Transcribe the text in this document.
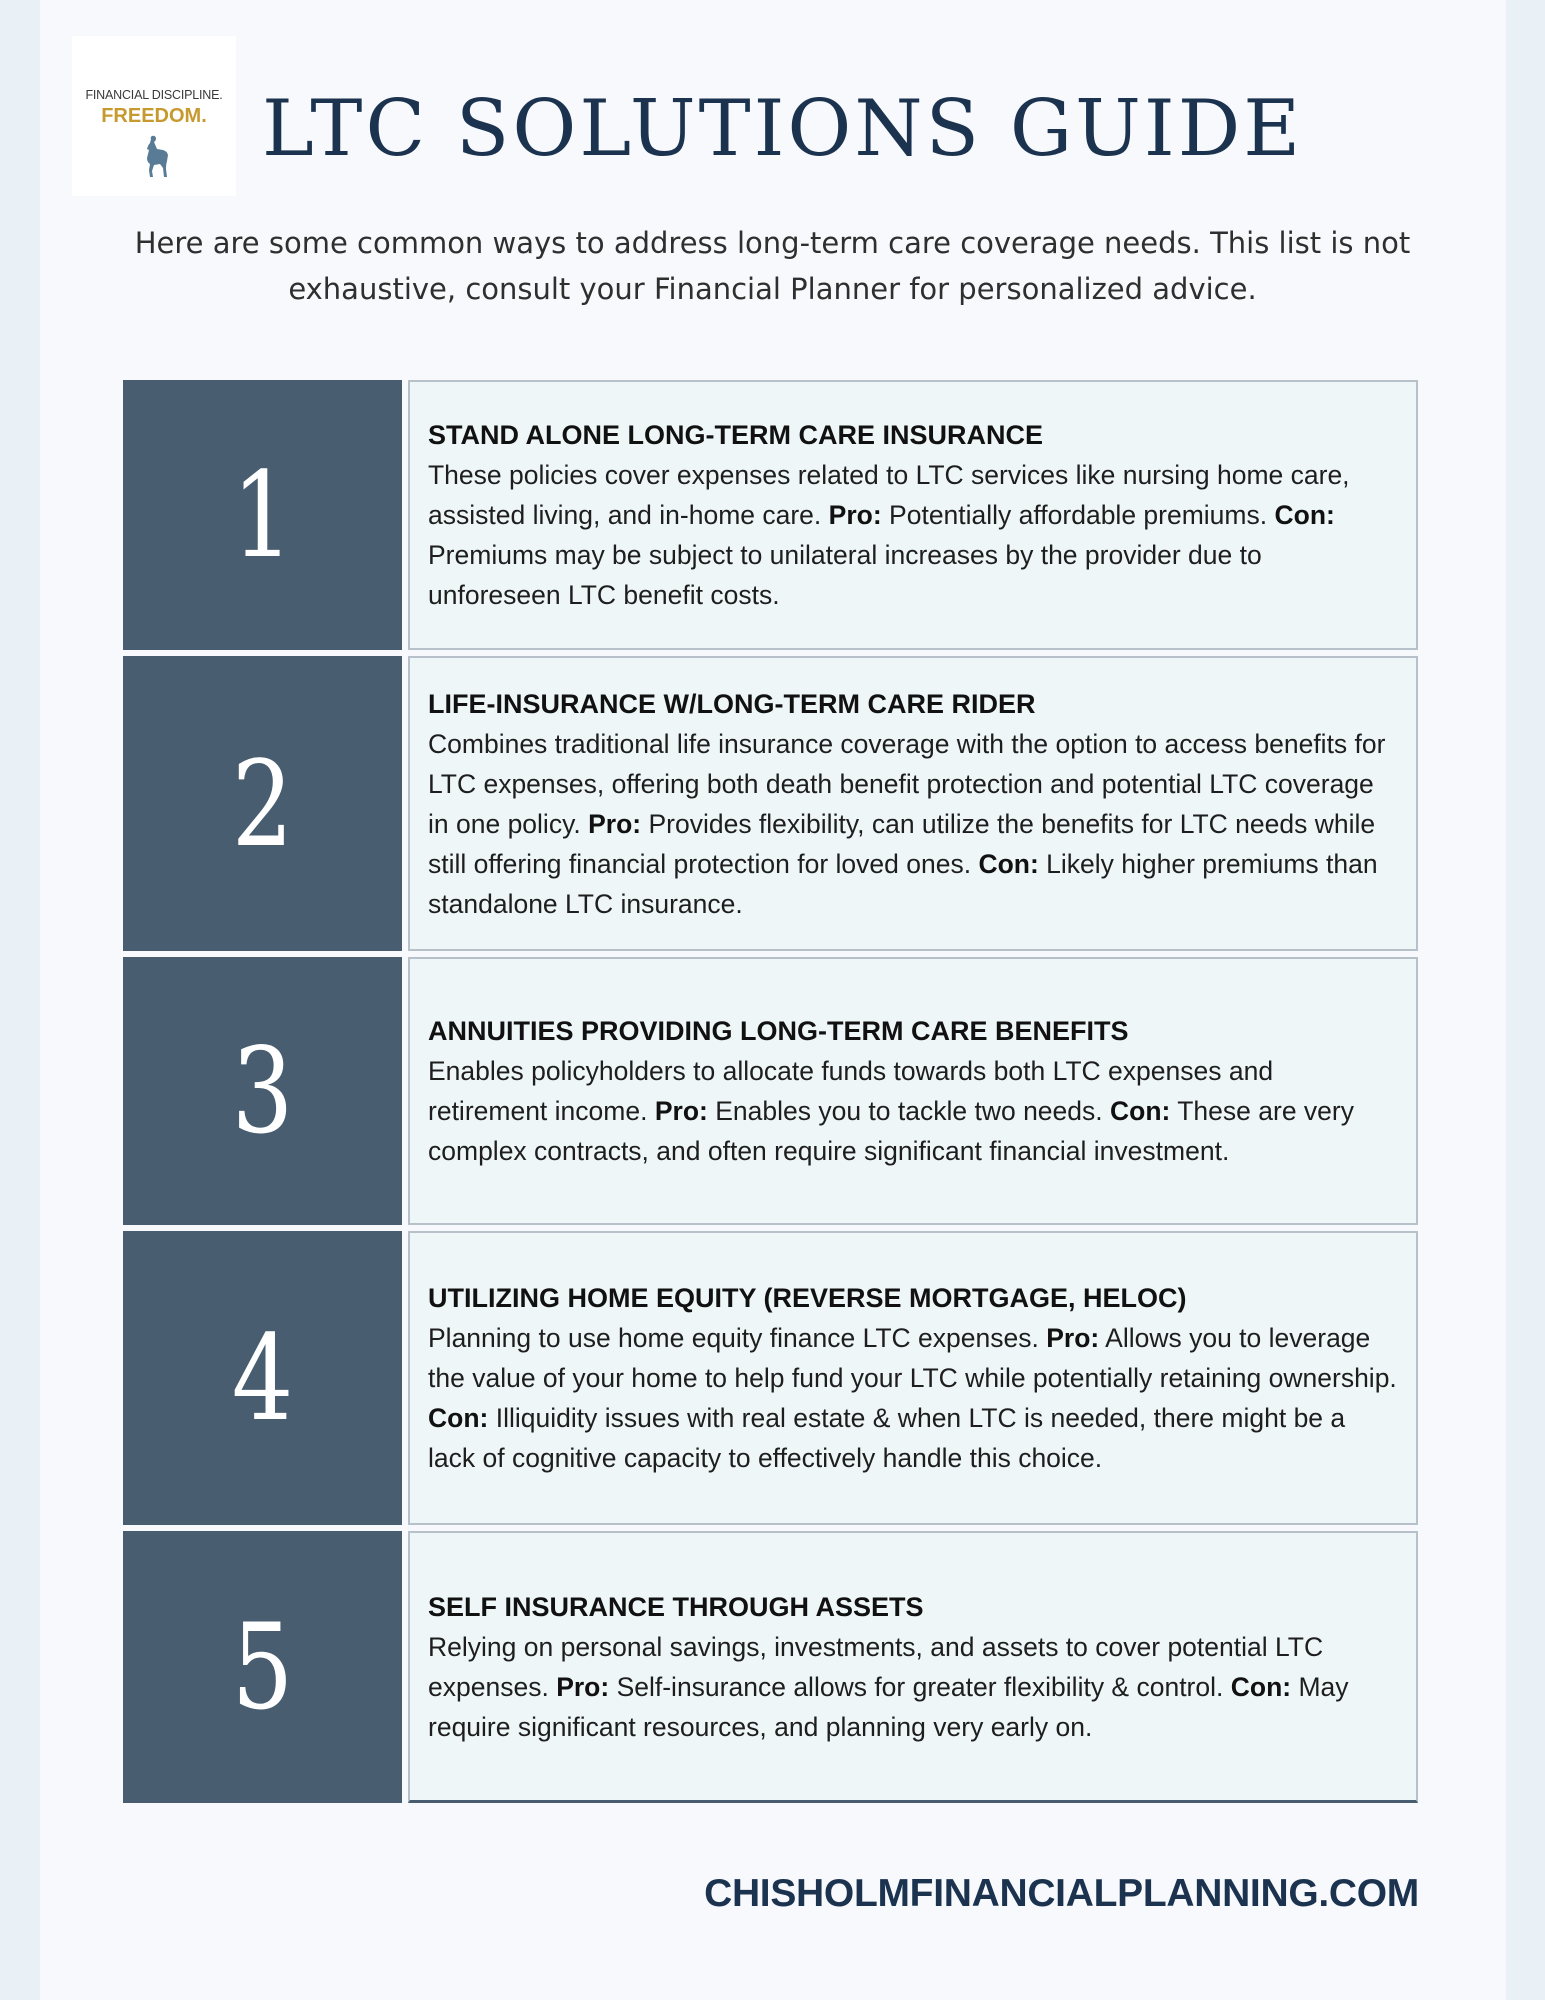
FINANCIAL DISCIPLINE.
FREEDOM. LTC SOLUTIONS GUIDE
Here are some common ways to address long-term care coverage needs. This list is not exhaustive, consult your Financial Planner for personalized advice.
1
STAND ALONE LONG-TERM CARE INSURANCE
These policies cover expenses related to LTC services like nursing home care, assisted living, and in-home care. Pro: Potentially affordable premiums. Con: Premiums may be subject to unilateral increases by the provider due to unforeseen LTC benefit costs.
2
LIFE-INSURANCE W/LONG-TERM CARE RIDER
Combines traditional life insurance coverage with the option to access benefits for LTC expenses, offering both death benefit protection and potential LTC coverage in one policy. Pro: Provides flexibility, can utilize the benefits for LTC needs while still offering financial protection for loved ones. Con: Likely higher premiums than standalone LTC insurance.
3	ANNUITIES PROVIDING LONG-TERM CARE BENEFITS
Enables policyholders to allocate funds towards both LTC expenses and retirement income. Pro: Enables you to tackle two needs. Con: These are very complex contracts, and often require significant financial investment.
4
UTILIZING HOME EQUITY (REVERSE MORTGAGE, HELOC)
Planning to use home equity finance LTC expenses. Pro: Allows you to leverage the value of your home to help fund your LTC while potentially retaining ownership. Con: Illiquidity issues with real estate & when LTC is needed, there might be a lack of cognitive capacity to effectively handle this choice.
5	SELF INSURANCE THROUGH ASSETS
Relying on personal savings, investments, and assets to cover potential LTC expenses. Pro: Self-insurance allows for greater flexibility & control. Con: May require significant resources, and planning very early on.
CHISHOLMFINANCIALPLANNING.COM
